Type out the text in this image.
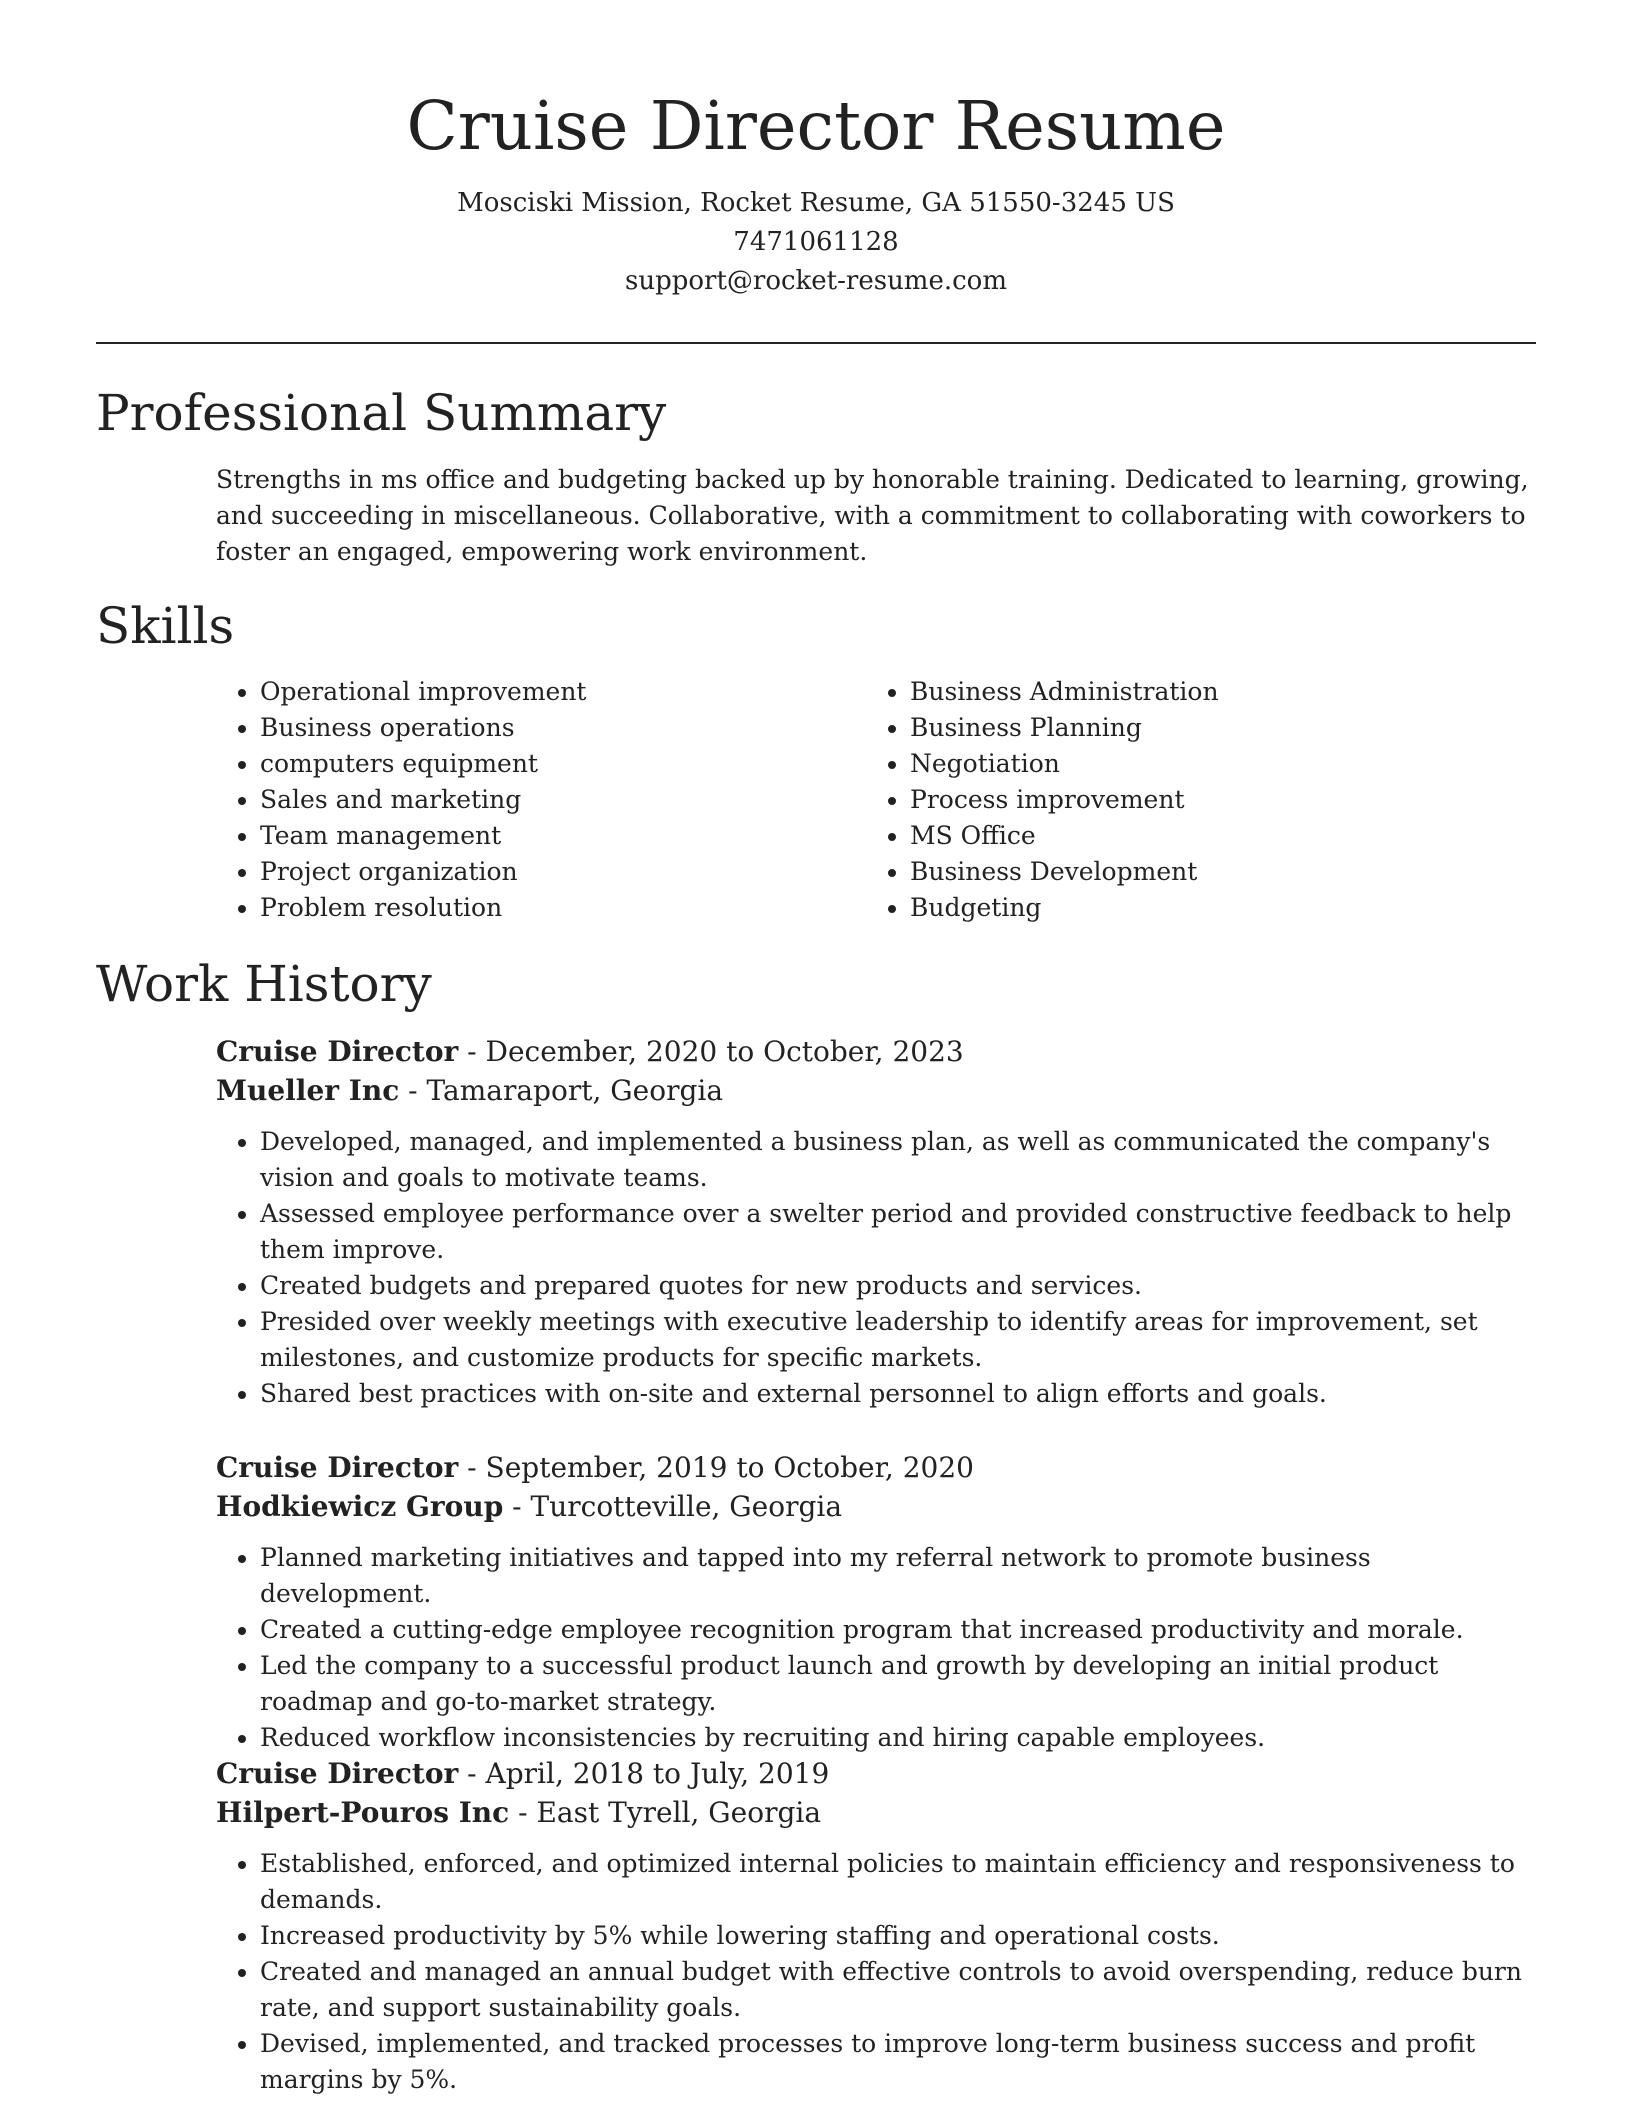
Cruise Director Resume
Mosciski Mission, Rocket Resume, GA 51550-3245 US
7471061128
support@rocket-resume.com
Professional Summary
Strengths in ms office and budgeting backed up by honorable training. Dedicated to learning, growing, and succeeding in miscellaneous. Collaborative, with a commitment to collaborating with coworkers to foster an engaged, empowering work environment.
Skills
• Operational improvement
• Business operations
• computers equipment
• Sales and marketing
• Team management
• Project organization
• Problem resolution
• Business Administration
• Business Planning
• Negotiation
• Process improvement
• MS Office
• Business Development
• Budgeting
Work History
Cruise Director - December, 2020 to October, 2023
Mueller Inc - Tamaraport, Georgia
• Developed, managed, and implemented a business plan, as well as communicated the company's vision and goals to motivate teams.
• Assessed employee performance over a swelter period and provided constructive feedback to help them improve.
• Created budgets and prepared quotes for new products and services.
• Presided over weekly meetings with executive leadership to identify areas for improvement, set milestones, and customize products for specific markets.
• Shared best practices with on-site and external personnel to align efforts and goals.
Cruise Director - September, 2019 to October, 2020
Hodkiewicz Group - Turcotteville, Georgia
• Planned marketing initiatives and tapped into my referral network to promote business development.
• Created a cutting-edge employee recognition program that increased productivity and morale.
• Led the company to a successful product launch and growth by developing an initial product roadmap and go-to-market strategy.
• Reduced workflow inconsistencies by recruiting and hiring capable employees.
Cruise Director - April, 2018 to July, 2019
Hilpert-Pouros Inc - East Tyrell, Georgia
• Established, enforced, and optimized internal policies to maintain efficiency and responsiveness to demands.
• Increased productivity by 5% while lowering staffing and operational costs.
• Created and managed an annual budget with effective controls to avoid overspending, reduce burn rate, and support sustainability goals.
• Devised, implemented, and tracked processes to improve long-term business success and profit margins by 5%.
